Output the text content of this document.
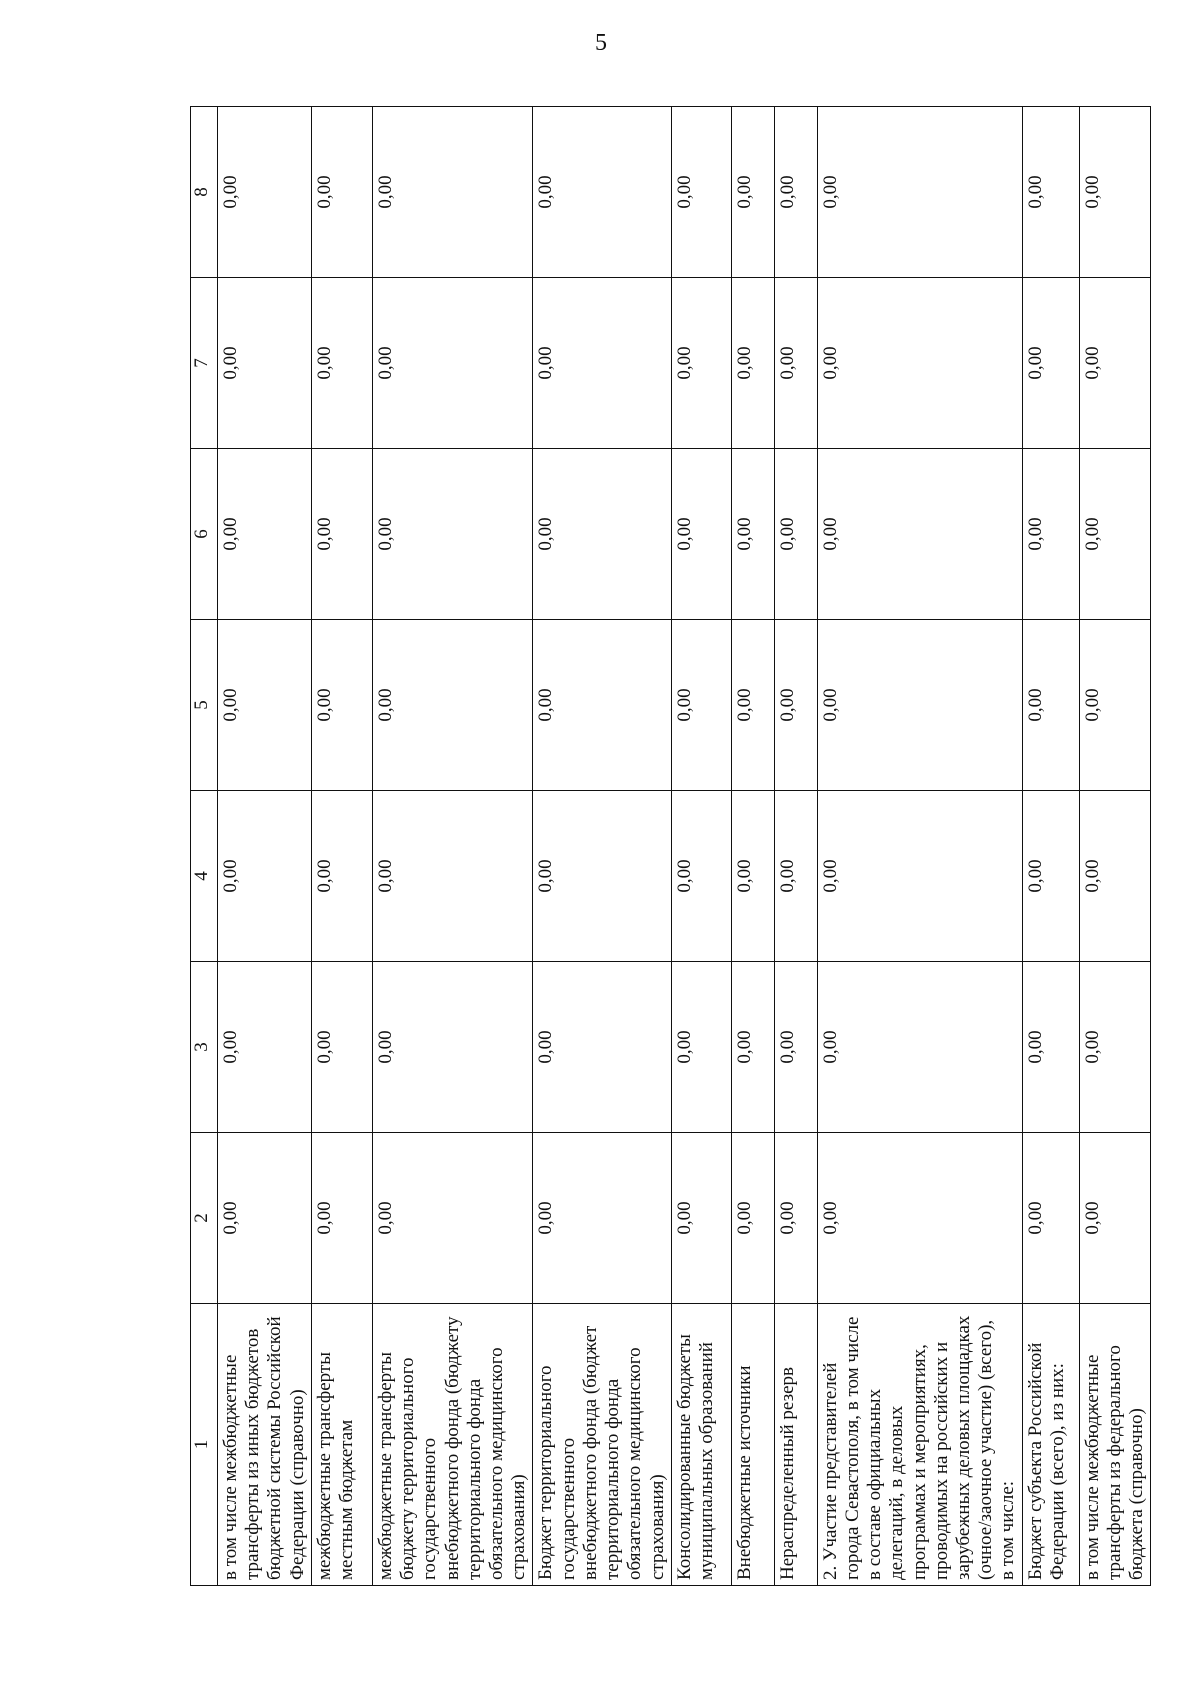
5
1	2	3	4	5	6	7	8
в том числе межбюджетные трансферты из иных бюджетов бюджетной системы Российской Федерации (справочно)	0,00	0,00	0,00	0,00	0,00	0,00	0,00
межбюджетные трансферты местным бюджетам	0,00	0,00	0,00	0,00	0,00	0,00	0,00
межбюджетные трансферты бюджету территориального государственного внебюджетного фонда (бюджету территориального фонда обязательного медицинского страхования)	0,00	0,00	0,00	0,00	0,00	0,00	0,00
Бюджет территориального государственного внебюджетного фонда (бюджет территориального фонда обязательного медицинского страхования)	0,00	0,00	0,00	0,00	0,00	0,00	0,00
Консолидированные бюджеты муниципальных образований	0,00	0,00	0,00	0,00	0,00	0,00	0,00
Внебюджетные источники	0,00	0,00	0,00	0,00	0,00	0,00	0,00
Нераспределенный резерв	0,00	0,00	0,00	0,00	0,00	0,00	0,00
2. Участие представителей города Севастополя, в том числе в составе официальных делегаций, в деловых программах и мероприятиях, проводимых на российских и зарубежных деловых площадках (очное/заочное участие) (всего), в том числе:	0,00	0,00	0,00	0,00	0,00	0,00	0,00
Бюджет субъекта Российской Федерации (всего), из них:	0,00	0,00	0,00	0,00	0,00	0,00	0,00
в том числе межбюджетные трансферты из федерального бюджета (справочно)	0,00	0,00	0,00	0,00	0,00	0,00	0,00
